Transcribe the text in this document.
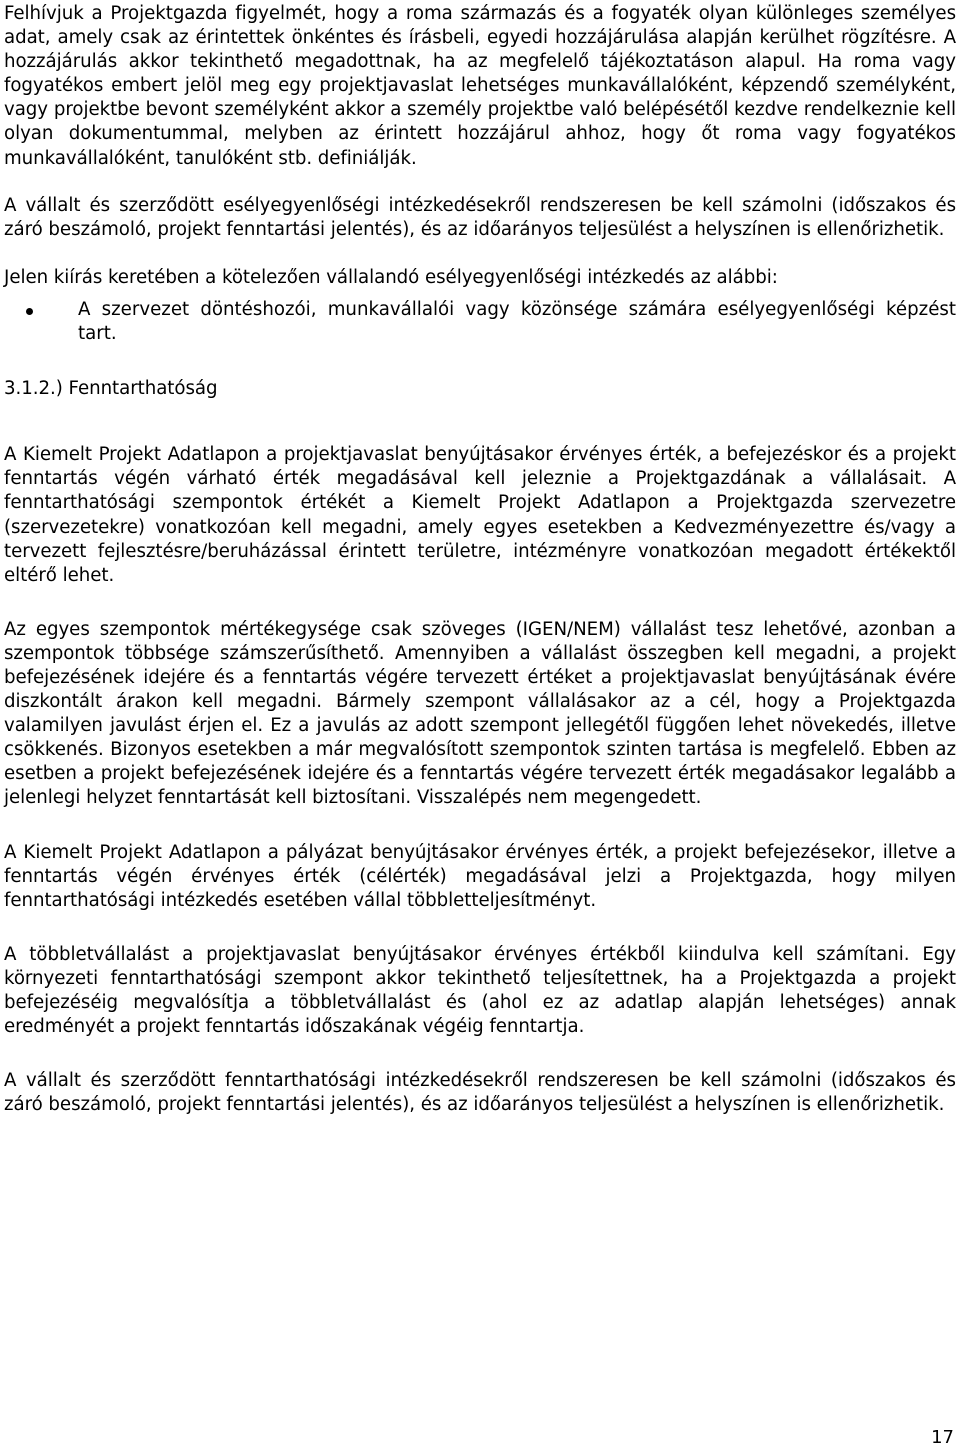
Felhívjuk a Projektgazda figyelmét, hogy a roma származás és a fogyaték olyan különleges személyes adat, amely csak az érintettek önkéntes és írásbeli, egyedi hozzájárulása alapján kerülhet rögzítésre. A hozzájárulás akkor tekinthető megadottnak, ha az megfelelő tájékoztatáson alapul. Ha roma vagy fogyatékos embert jelöl meg egy projektjavaslat lehetséges munkavállalóként, képzendő személyként, vagy projektbe bevont személyként akkor a személy projektbe való belépésétől kezdve rendelkeznie kell olyan dokumentummal, melyben az érintett hozzájárul ahhoz, hogy őt roma vagy fogyatékos munkavállalóként, tanulóként stb. definiálják.

A vállalt és szerződött esélyegyenlőségi intézkedésekről rendszeresen be kell számolni (időszakos és záró beszámoló, projekt fenntartási jelentés), és az időarányos teljesülést a helyszínen is ellenőrizhetik.

Jelen kiírás keretében a kötelezően vállalandó esélyegyenlőségi intézkedés az alábbi:

A szervezet döntéshozói, munkavállalói vagy közönsége számára esélyegyenlőségi képzést tart.

3.1.2.) Fenntarthatóság

A Kiemelt Projekt Adatlapon a projektjavaslat benyújtásakor érvényes érték, a befejezéskor és a projekt fenntartás végén várható érték megadásával kell jeleznie a Projektgazdának a vállalásait. A fenntarthatósági szempontok értékét a Kiemelt Projekt Adatlapon a Projektgazda szervezetre (szervezetekre) vonatkozóan kell megadni, amely egyes esetekben a Kedvezményezettre és/vagy a tervezett fejlesztésre/beruházással érintett területre, intézményre vonatkozóan megadott értékektől eltérő lehet.

Az egyes szempontok mértékegysége csak szöveges (IGEN/NEM) vállalást tesz lehetővé, azonban a szempontok többsége számszerűsíthető. Amennyiben a vállalást összegben kell megadni, a projekt befejezésének idejére és a fenntartás végére tervezett értéket a projektjavaslat benyújtásának évére diszkontált árakon kell megadni. Bármely szempont vállalásakor az a cél, hogy a Projektgazda valamilyen javulást érjen el. Ez a javulás az adott szempont jellegétől függően lehet növekedés, illetve csökkenés. Bizonyos esetekben a már megvalósított szempontok szinten tartása is megfelelő. Ebben az esetben a projekt befejezésének idejére és a fenntartás végére tervezett érték megadásakor legalább a jelenlegi helyzet fenntartását kell biztosítani. Visszalépés nem megengedett.

A Kiemelt Projekt Adatlapon a pályázat benyújtásakor érvényes érték, a projekt befejezésekor, illetve a fenntartás végén érvényes érték (célérték) megadásával jelzi a Projektgazda, hogy milyen fenntarthatósági intézkedés esetében vállal többletteljesítményt.

A többletvállalást a projektjavaslat benyújtásakor érvényes értékből kiindulva kell számítani. Egy környezeti fenntarthatósági szempont akkor tekinthető teljesítettnek, ha a Projektgazda a projekt befejezéséig megvalósítja a többletvállalást és (ahol ez az adatlap alapján lehetséges) annak eredményét a projekt fenntartás időszakának végéig fenntartja.

A vállalt és szerződött fenntarthatósági intézkedésekről rendszeresen be kell számolni (időszakos és záró beszámoló, projekt fenntartási jelentés), és az időarányos teljesülést a helyszínen is ellenőrizhetik.

17
